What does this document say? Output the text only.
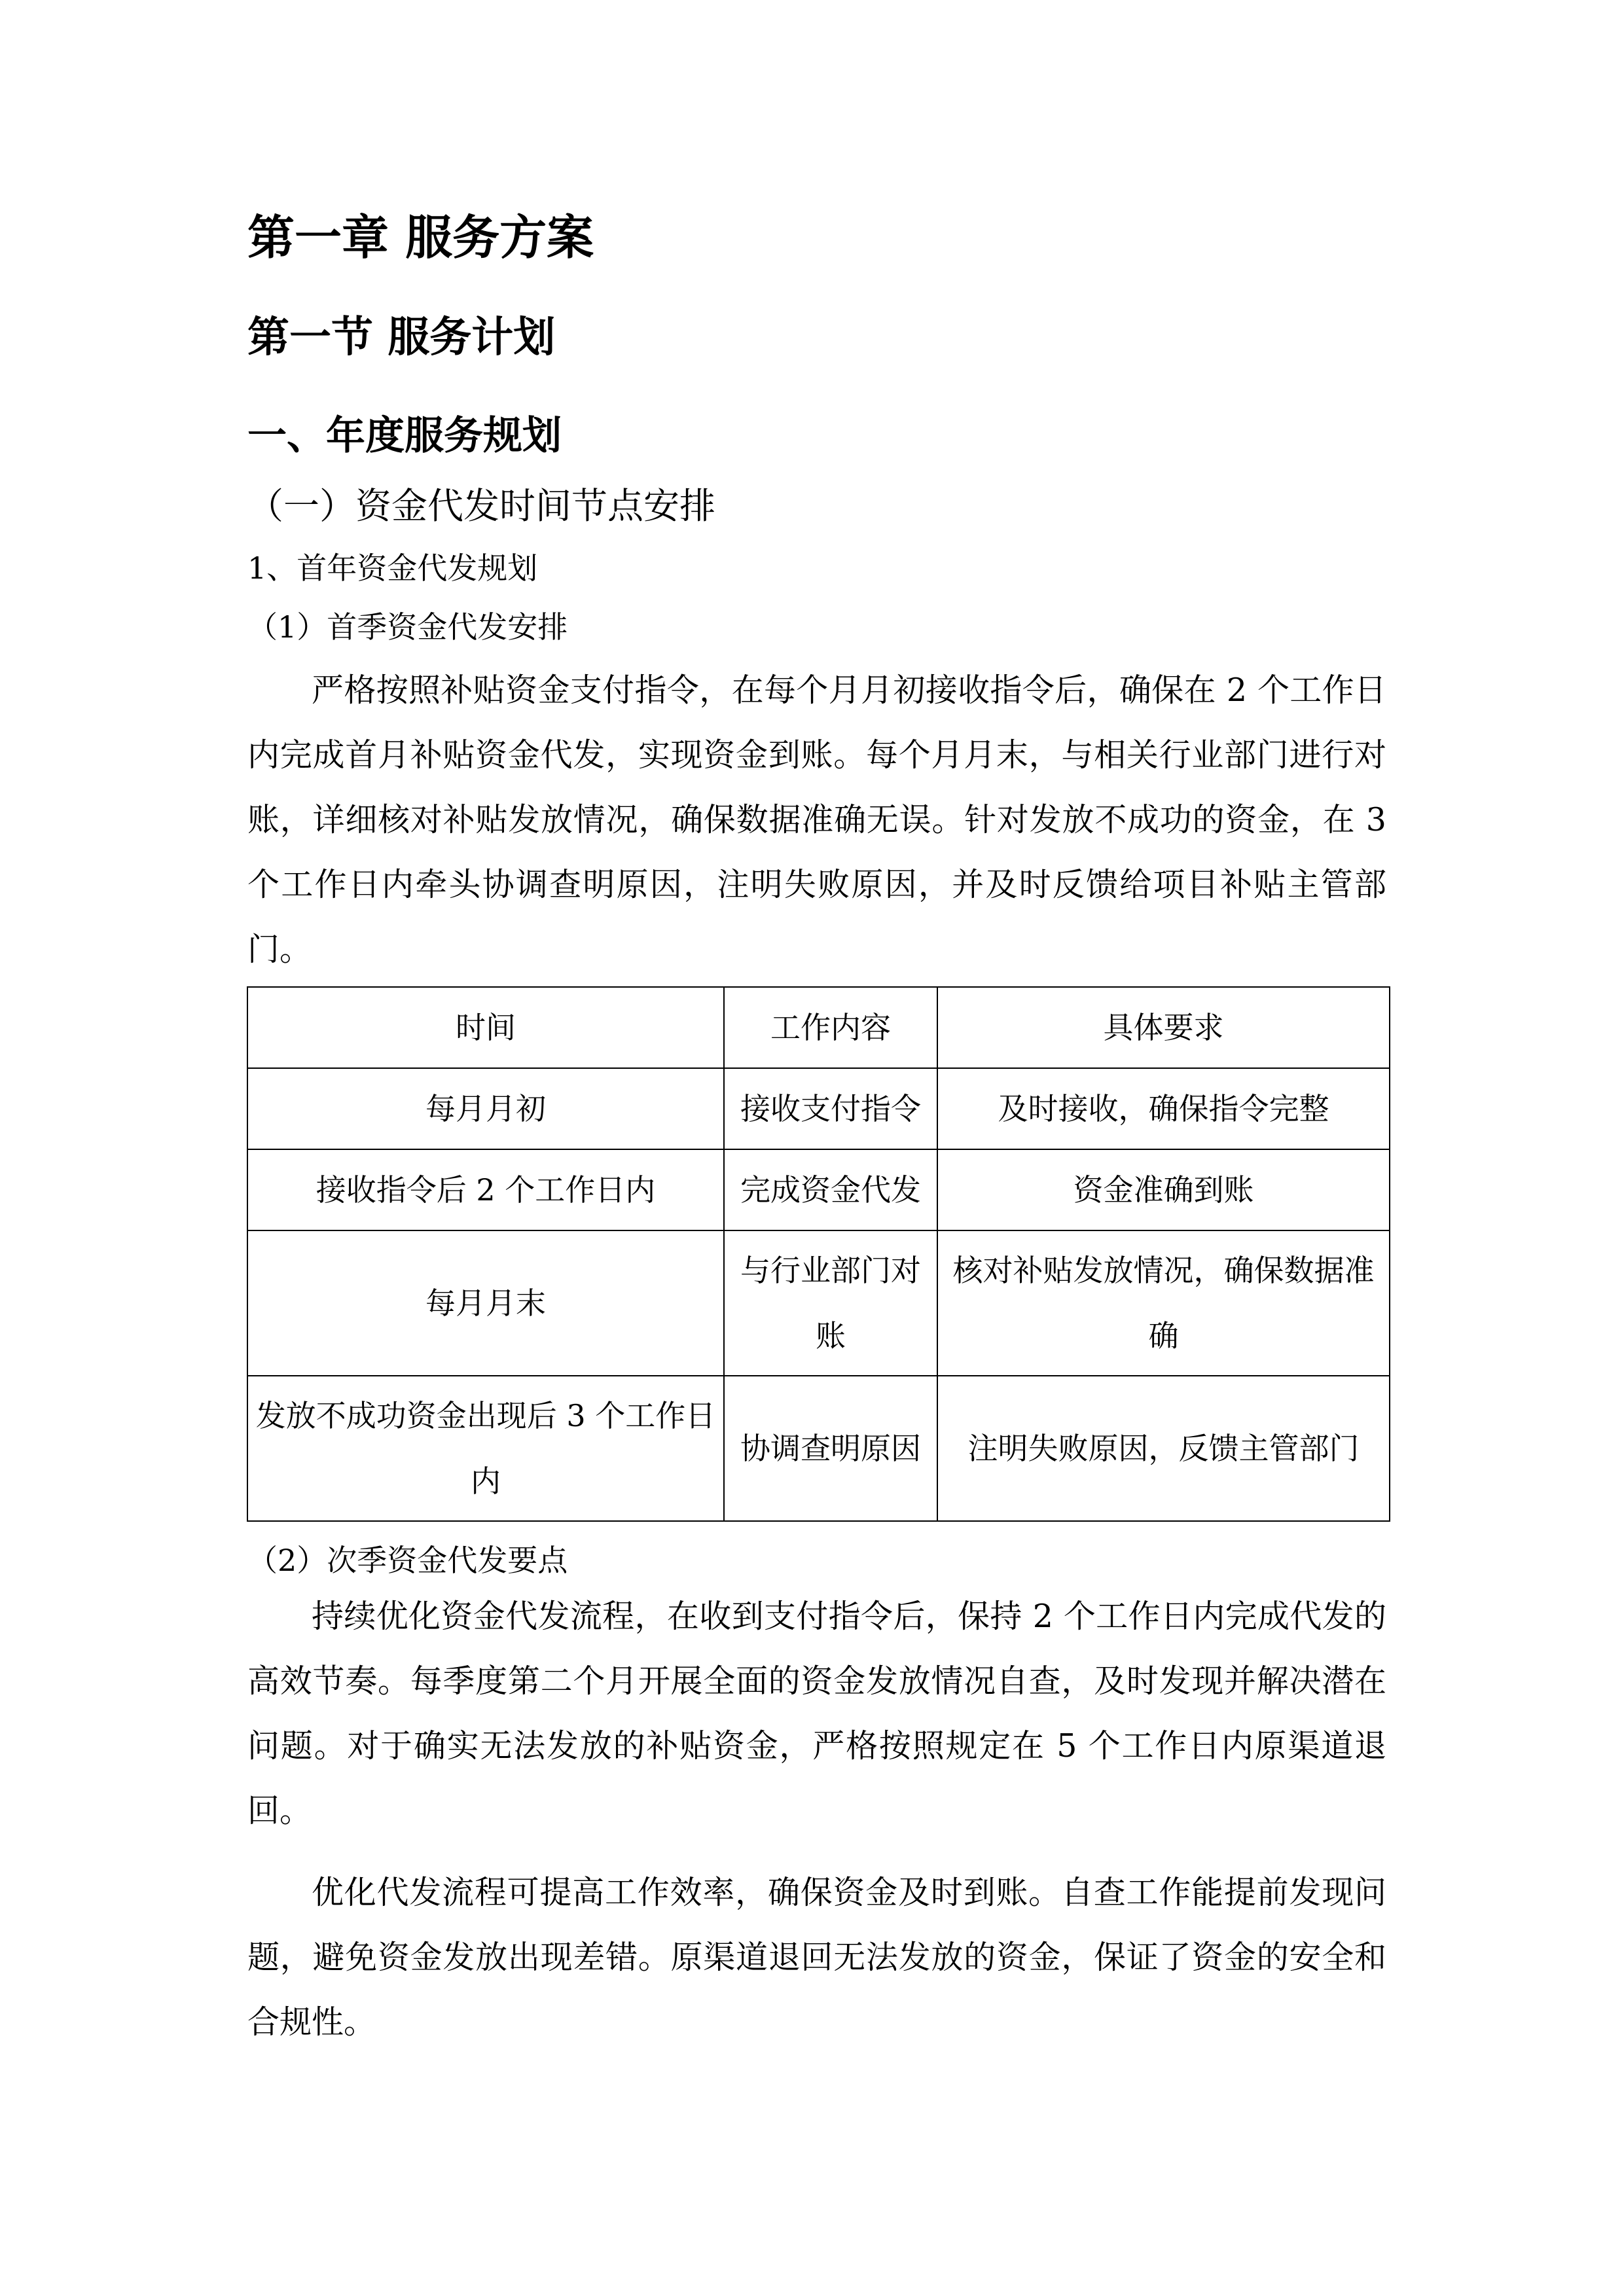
第一章 服务方案
第一节 服务计划
一、年度服务规划
（一）资金代发时间节点安排
1、首年资金代发规划
（1）首季资金代发安排

严格按照补贴资金支付指令，在每个月月初接收指令后，确保在 2 个工作日内完成首月补贴资金代发，实现资金到账。每个月月末，与相关行业部门进行对账，详细核对补贴发放情况，确保数据准确无误。针对发放不成功的资金，在 3 个工作日内牵头协调查明原因，注明失败原因，并及时反馈给项目补贴主管部门。

时间	工作内容	具体要求
每月月初	接收支付指令	及时接收，确保指令完整
接收指令后 2 个工作日内	完成资金代发	资金准确到账
每月月末	与行业部门对账	核对补贴发放情况，确保数据准确
发放不成功资金出现后 3 个工作日内	协调查明原因	注明失败原因，反馈主管部门
（2）次季资金代发要点

持续优化资金代发流程，在收到支付指令后，保持 2 个工作日内完成代发的高效节奏。每季度第二个月开展全面的资金发放情况自查，及时发现并解决潜在问题。对于确实无法发放的补贴资金，严格按照规定在 5 个工作日内原渠道退回。

优化代发流程可提高工作效率，确保资金及时到账。自查工作能提前发现问题，避免资金发放出现差错。原渠道退回无法发放的资金，保证了资金的安全和合规性。
